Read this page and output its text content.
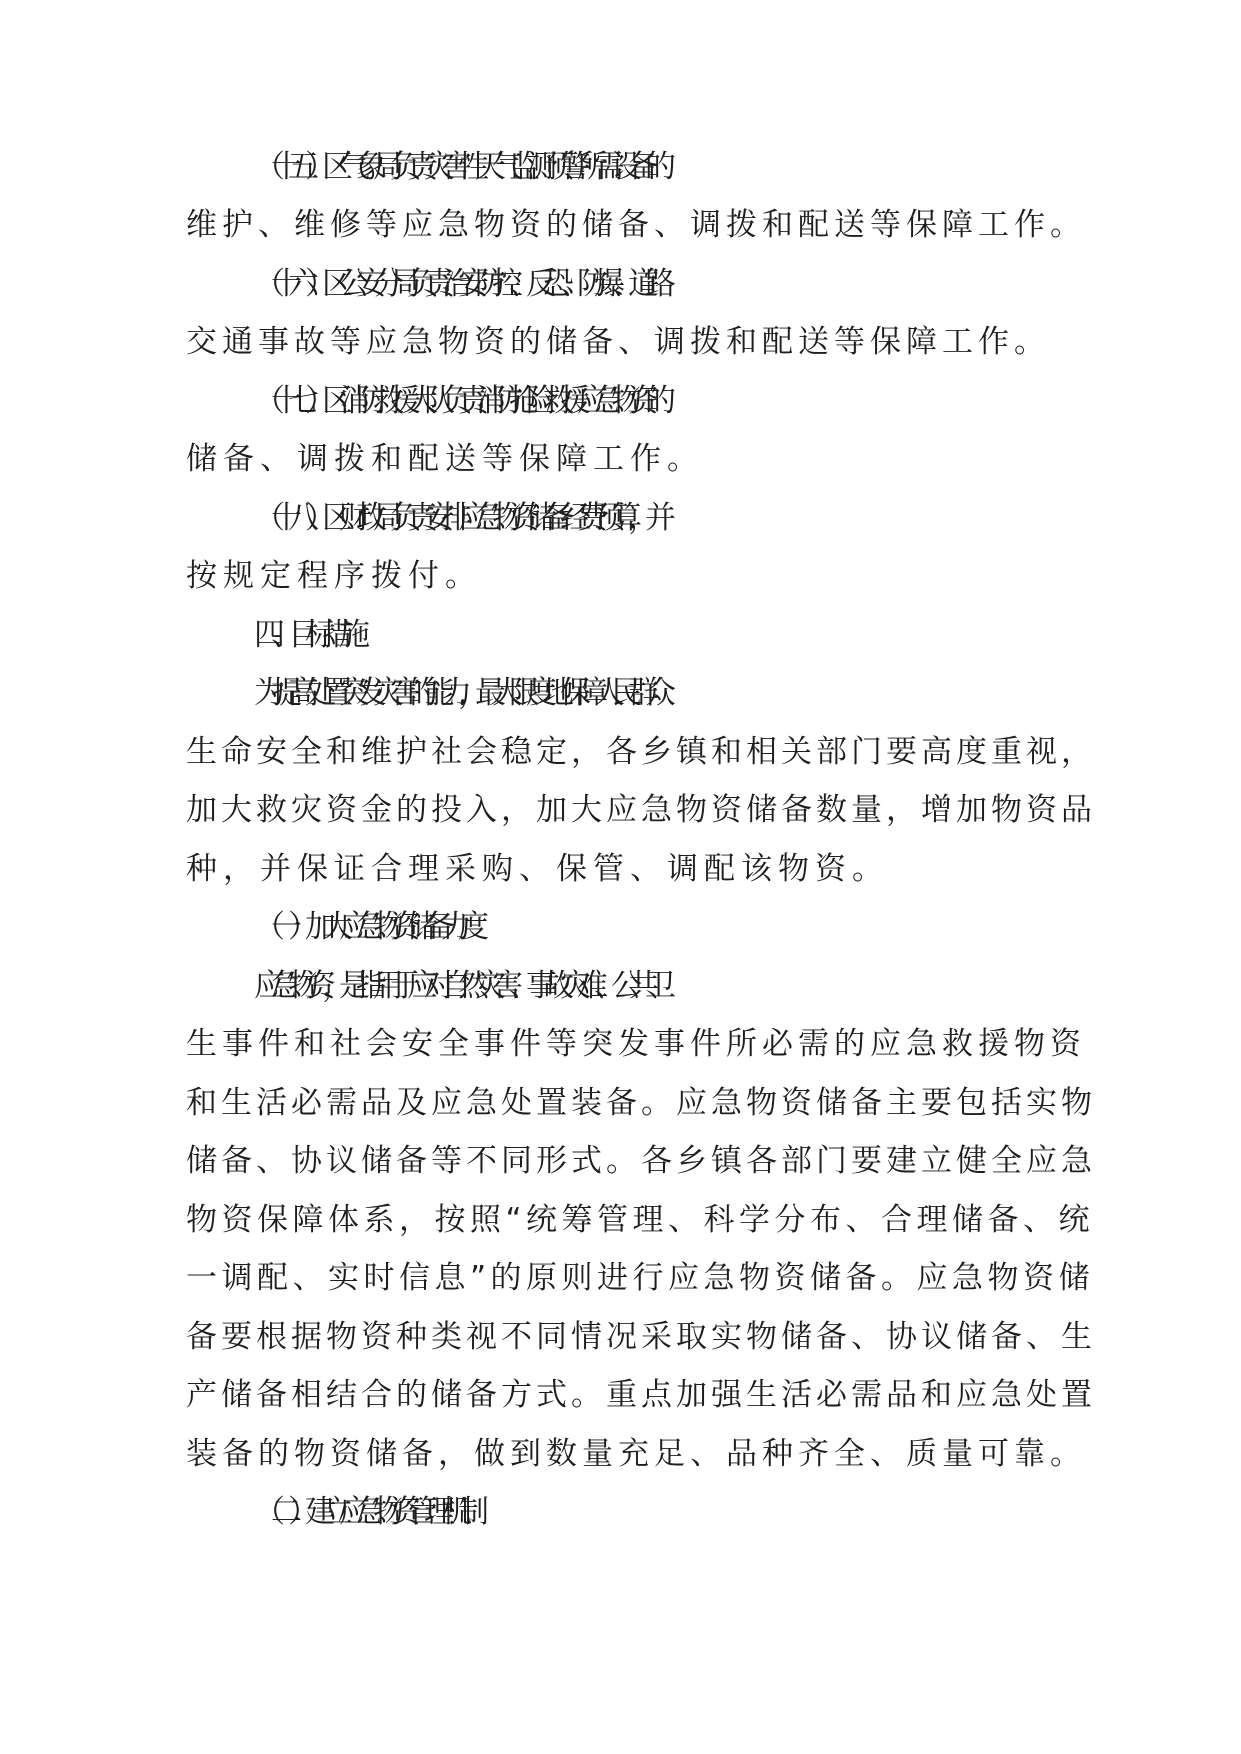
（十五）区气象局负责灾害性天气监测预警所需设备的
维护、维修等应急物资的储备、调拨和配送等保障工作。
（十六）区公安分局负责治安防控、反恐、防爆、道路
交通事故等应急物资的储备、调拨和配送等保障工作。
（十七）区消防救援大队负责消防抢险救援应急物资的
储备、调拨和配送等保障工作。
（十八）区财政局负责安排应急物资储备经费预算，并
按规定程序拨付。
四、目标措施
为提高处置突发灾害的能力，最大限度地保障人民群众
生命安全和维护社会稳定，各乡镇和相关部门要高度重视，
加大救灾资金的投入，加大应急物资储备数量，增加物资品
种，并保证合理采购、保管、调配该物资。
（一）加大应急物资储备力度
应急物资，是指用于应对自然灾害、事故灾难、公共卫
生事件和社会安全事件等突发事件所必需的应急救援物资
和生活必需品及应急处置装备。应急物资储备主要包括实物
储备、协议储备等不同形式。各乡镇各部门要建立健全应急
物资保障体系，按照“统筹管理、科学分布、合理储备、统
一调配、实时信息”的原则进行应急物资储备。应急物资储
备要根据物资种类视不同情况采取实物储备、协议储备、生
产储备相结合的储备方式。重点加强生活必需品和应急处置
装备的物资储备，做到数量充足、品种齐全、质量可靠。
（二）建立应急物资管理机制
